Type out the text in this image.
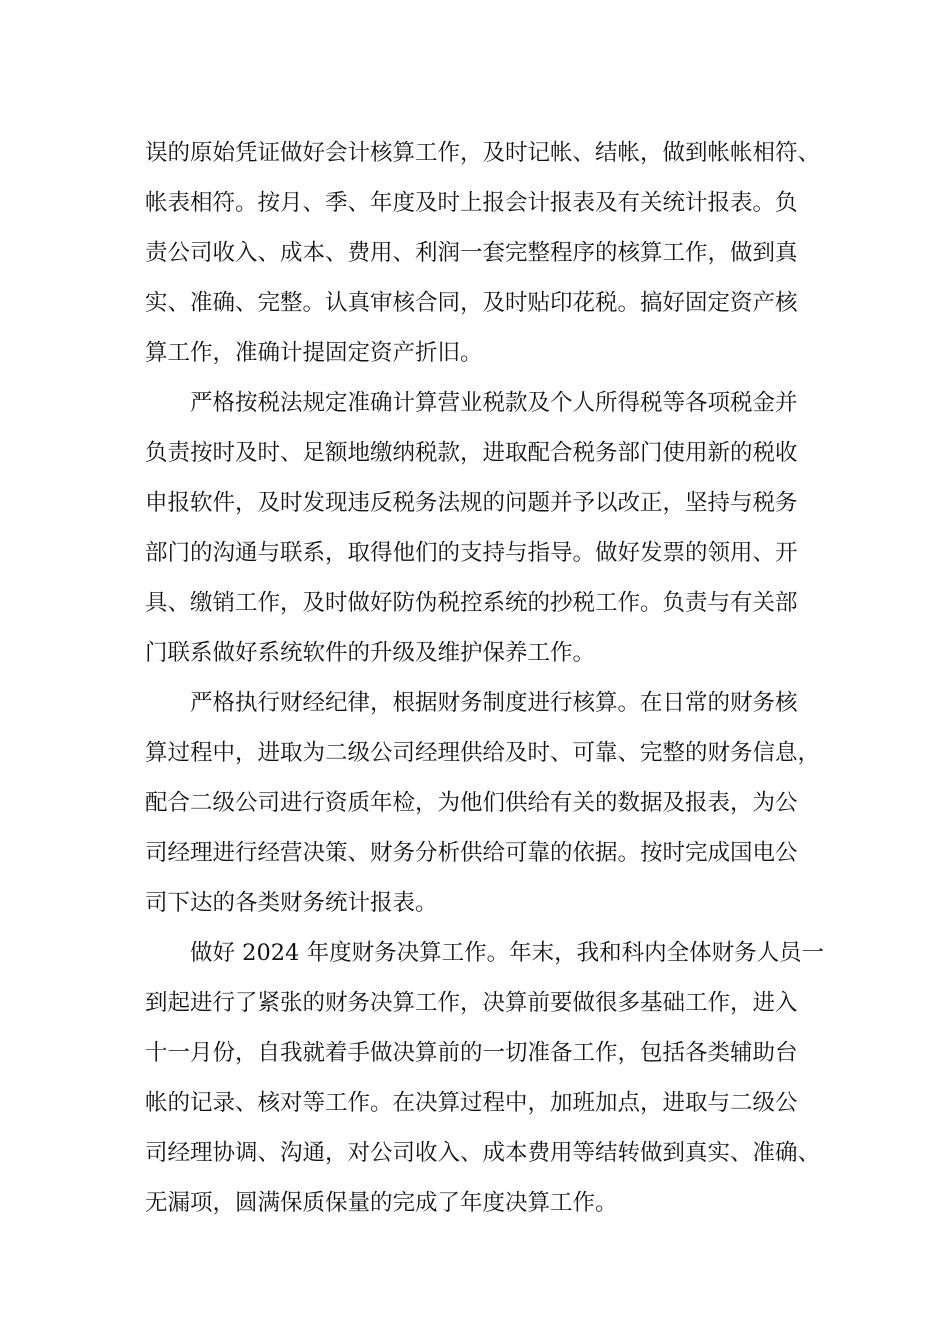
误的原始凭证做好会计核算工作，及时记帐、结帐，做到帐帐相符、
帐表相符。按月、季、年度及时上报会计报表及有关统计报表。负
责公司收入、成本、费用、利润一套完整程序的核算工作，做到真
实、准确、完整。认真审核合同，及时贴印花税。搞好固定资产核
算工作，准确计提固定资产折旧。
　　严格按税法规定准确计算营业税款及个人所得税等各项税金并
负责按时及时、足额地缴纳税款，进取配合税务部门使用新的税收
申报软件，及时发现违反税务法规的问题并予以改正，坚持与税务
部门的沟通与联系，取得他们的支持与指导。做好发票的领用、开
具、缴销工作，及时做好防伪税控系统的抄税工作。负责与有关部
门联系做好系统软件的升级及维护保养工作。
　　严格执行财经纪律，根据财务制度进行核算。在日常的财务核
算过程中，进取为二级公司经理供给及时、可靠、完整的财务信息，
配合二级公司进行资质年检，为他们供给有关的数据及报表，为公
司经理进行经营决策、财务分析供给可靠的依据。按时完成国电公
司下达的各类财务统计报表。
　　做好 2024 年度财务决算工作。年末，我和科内全体财务人员一
到起进行了紧张的财务决算工作，决算前要做很多基础工作，进入
十一月份，自我就着手做决算前的一切准备工作，包括各类辅助台
帐的记录、核对等工作。在决算过程中，加班加点，进取与二级公
司经理协调、沟通，对公司收入、成本费用等结转做到真实、准确、
无漏项，圆满保质保量的完成了年度决算工作。
